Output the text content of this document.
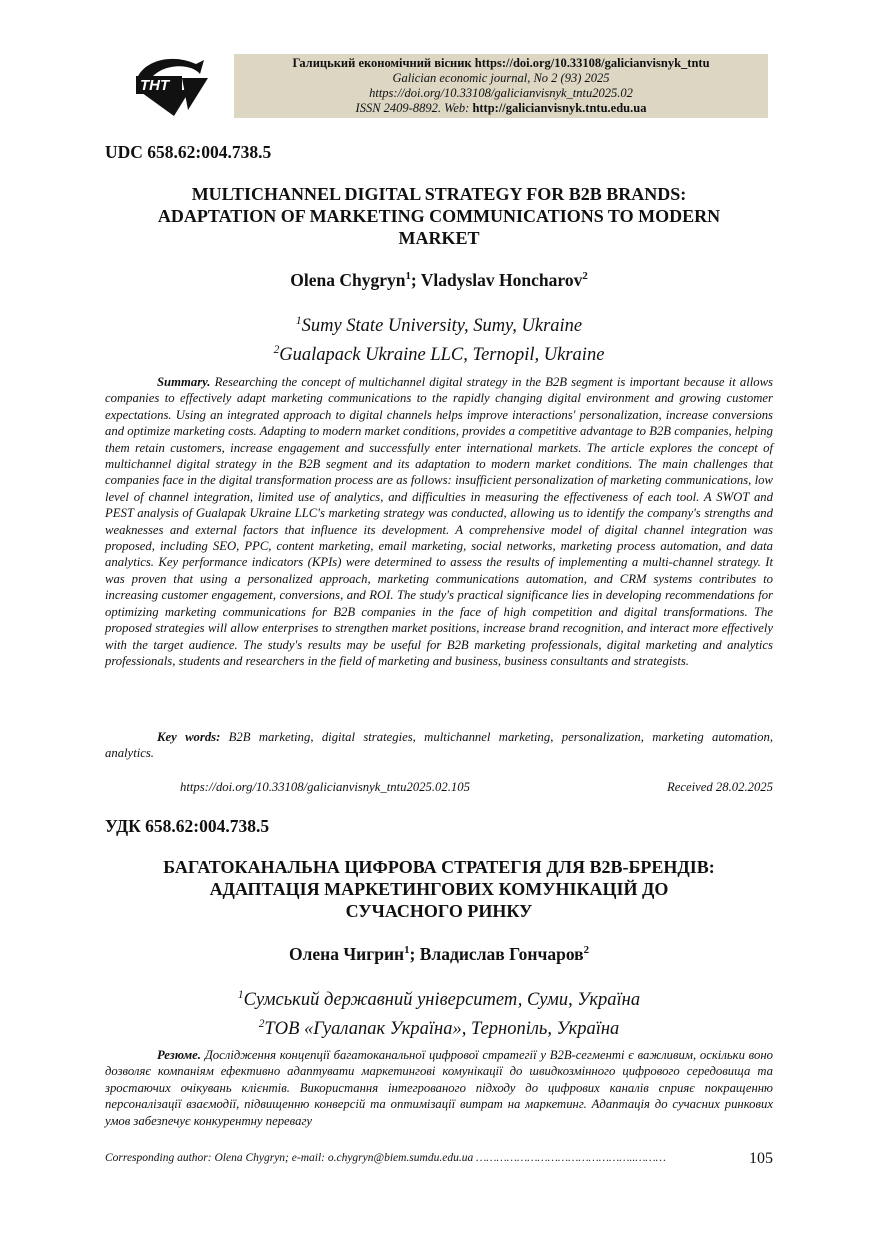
ТНТ
Галицький економічний вісник https://doi.org/10.33108/galicianvisnyk_tntu
Galician economic journal, No 2 (93) 2025
https://doi.org/10.33108/galicianvisnyk_tntu2025.02
ISSN 2409-8892. Web: http://galicianvisnyk.tntu.edu.ua
UDC 658.62:004.738.5
MULTICHANNEL DIGITAL STRATEGY FOR B2B BRANDS:
ADAPTATION OF MARKETING COMMUNICATIONS TO MODERN
MARKET
Olena Chygryn$^1$; Vladyslav Honcharov$^2$
$^1$Sumy State University, Sumy, Ukraine
$^2$Gualapack Ukraine LLC, Ternopil, Ukraine

Summary. Researching the concept of multichannel digital strategy in the B2B segment is important because it allows companies to effectively adapt marketing communications to the rapidly changing digital environment and growing customer expectations. Using an integrated approach to digital channels helps improve interactions' personalization, increase conversions and optimize marketing costs. Adapting to modern market conditions, provides a competitive advantage to B2B companies, helping them retain customers, increase engagement and successfully enter international markets. The article explores the concept of multichannel digital strategy in the B2B segment and its adaptation to modern market conditions. The main challenges that companies face in the digital transformation process are as follows: insufficient personalization of marketing communications, low level of channel integration, limited use of analytics, and difficulties in measuring the effectiveness of each tool. A SWOT and PEST analysis of Gualapak Ukraine LLC's marketing strategy was conducted, allowing us to identify the company's strengths and weaknesses and external factors that influence its development. A comprehensive model of digital channel integration was proposed, including SEO, PPC, content marketing, email marketing, social networks, marketing process automation, and data analytics. Key performance indicators (KPIs) were determined to assess the results of implementing a multi-channel strategy. It was proven that using a personalized approach, marketing communications automation, and CRM systems contributes to increasing customer engagement, conversions, and ROI. The study's practical significance lies in developing recommendations for optimizing marketing communications for B2B companies in the face of high competition and digital transformations. The proposed strategies will allow enterprises to strengthen market positions, increase brand recognition, and interact more effectively with the target audience. The study's results may be useful for B2B marketing professionals, digital marketing and analytics professionals, students and researchers in the field of marketing and business, business consultants and strategists.

Key words: B2B marketing, digital strategies, multichannel marketing, personalization, marketing automation, analytics.

https://doi.org/10.33108/galicianvisnyk_tntu2025.02.105	Received 28.02.2025
УДК 658.62:004.738.5
БАГАТОКАНАЛЬНА ЦИФРОВА СТРАТЕГІЯ ДЛЯ B2B-БРЕНДІВ:
АДАПТАЦІЯ МАРКЕТИНГОВИХ КОМУНІКАЦІЙ ДО
СУЧАСНОГО РИНКУ
Олена Чигрин$^1$; Владислав Гончаров$^2$
$^1$Сумський державний університет, Суми, Україна
$^2$ТОВ «Гуалапак Україна», Тернопіль, Україна

Резюме. Дослідження концепції багатоканальної цифрової стратегії у B2B-сегменті є важливим, оскільки воно дозволяє компаніям ефективно адаптувати маркетингові комунікації до швидкозмінного цифрового середовища та зростаючих очікувань клієнтів. Використання інтегрованого підходу до цифрових каналів сприяє покращенню персоналізації взаємодії, підвищенню конверсій та оптимізації витрат на маркетинг. Адаптація до сучасних ринкових умов забезпечує конкурентну перевагу

Corresponding author: Olena Chygryn; e-mail: o.chygryn@biem.sumdu.edu.ua ………………………………………..………	105
